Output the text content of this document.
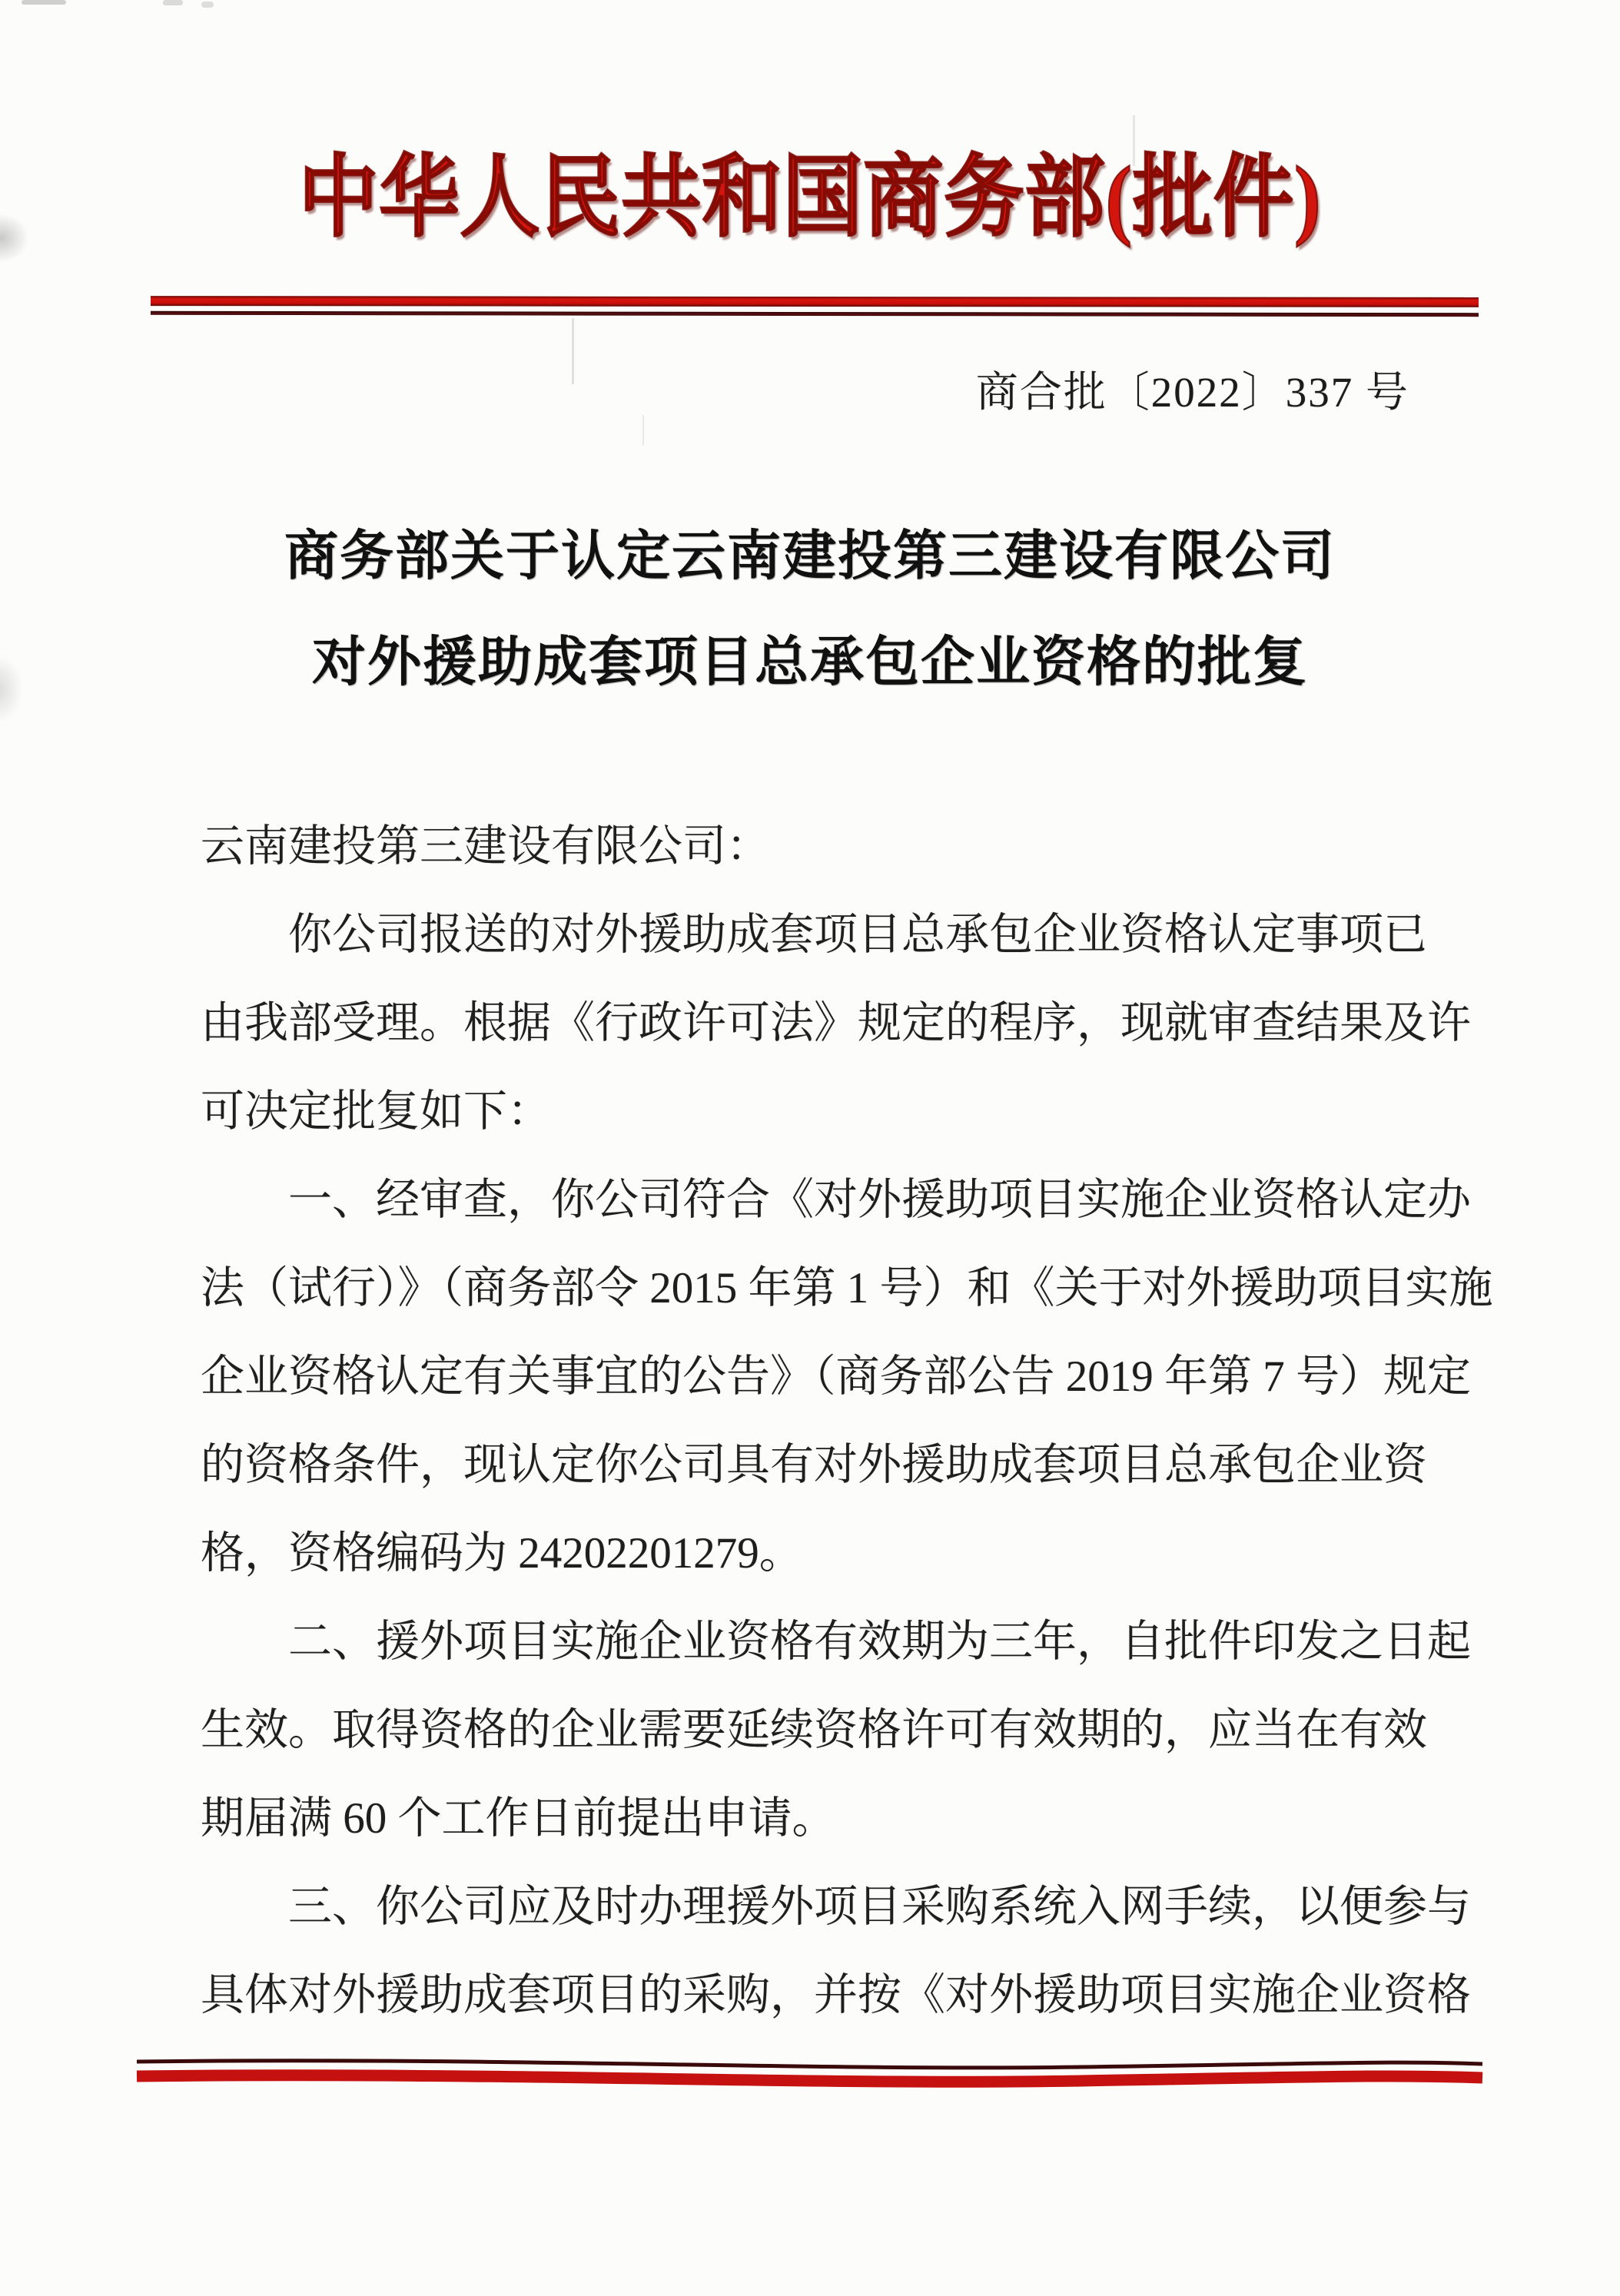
中华人民共和国商务部(批件)
商合批〔2022〕337 号
商务部关于认定云南建投第三建设有限公司
对外援助成套项目总承包企业资格的批复
云南建投第三建设有限公司：
你公司报送的对外援助成套项目总承包企业资格认定事项已
由我部受理。根据《行政许可法》规定的程序，现就审查结果及许
可决定批复如下：
一、经审查，你公司符合《对外援助项目实施企业资格认定办
法（试行）》（商务部令 2015 年第 1 号）和《关于对外援助项目实施
企业资格认定有关事宜的公告》（商务部公告 2019 年第 7 号）规定
的资格条件，现认定你公司具有对外援助成套项目总承包企业资
格，资格编码为 24202201279。
二、援外项目实施企业资格有效期为三年，自批件印发之日起
生效。取得资格的企业需要延续资格许可有效期的，应当在有效
期届满 60 个工作日前提出申请。
三、你公司应及时办理援外项目采购系统入网手续，以便参与
具体对外援助成套项目的采购，并按《对外援助项目实施企业资格
